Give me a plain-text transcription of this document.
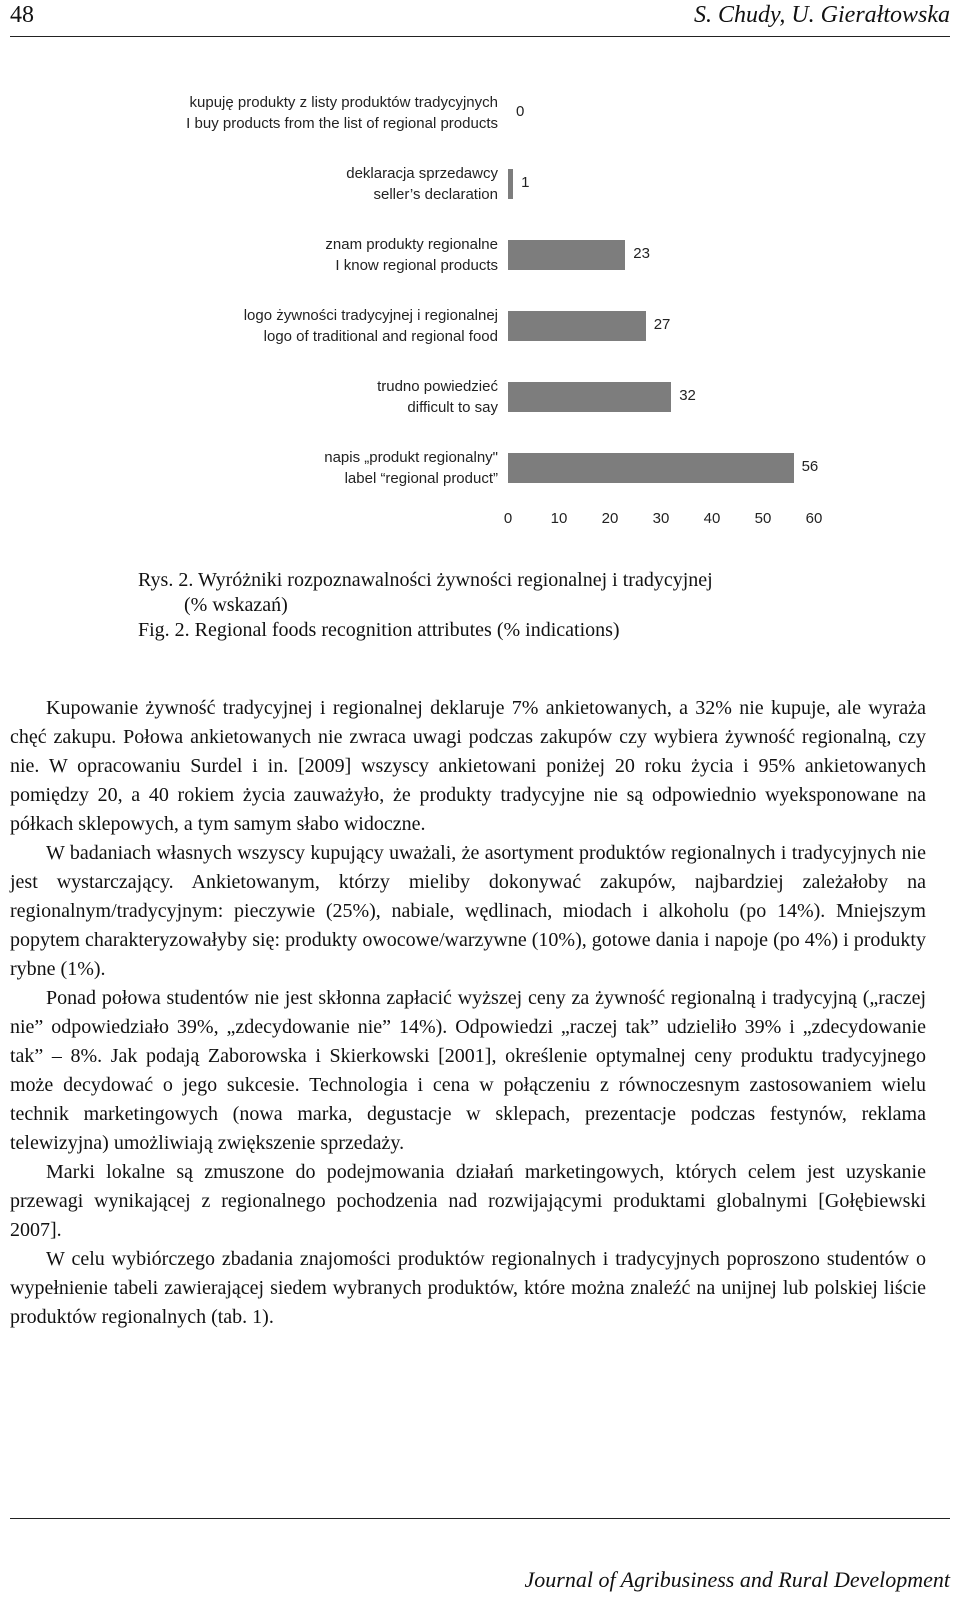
48	S. Chudy, U. Gierałtowska
kupuję produkty z listy produktów tradycyjnych
I buy products from the list of regional products
0
deklaracja sprzedawcy
seller’s declaration
1
znam produkty regionalne
I know regional products
23
logo żywności tradycyjnej i regionalnej
logo of traditional and regional food
27
trudno powiedzieć
difficult to say
32
napis „produkt regionalny"
label “regional product”
56
0	10 20 30 40 50 60
Rys. 2. Wyróżniki rozpoznawalności żywności regionalnej i tradycyjnej
(% wskazań)
Fig. 2. Regional foods recognition attributes (% indications)

Kupowanie żywność tradycyjnej i regionalnej deklaruje 7% ankietowanych, a 32% nie kupuje, ale wyraża chęć zakupu. Połowa ankietowanych nie zwraca uwagi podczas zakupów czy wybiera żywność regionalną, czy nie. W opracowaniu Surdel i in. [2009] wszyscy ankietowani poniżej 20 roku życia i 95% ankietowanych pomiędzy 20, a 40 rokiem życia zauważyło, że produkty tradycyjne nie są odpowiednio wyeksponowane na półkach sklepowych, a tym samym słabo widoczne.

W badaniach własnych wszyscy kupujący uważali, że asortyment produktów regionalnych i tradycyjnych nie jest wystarczający. Ankietowanym, którzy mieliby dokonywać zakupów, najbardziej zależałoby na regionalnym/tradycyjnym: pieczywie (25%), nabiale, wędlinach, miodach i alkoholu (po 14%). Mniejszym popytem charakteryzowałyby się: produkty owocowe/warzywne (10%), gotowe dania i napoje (po 4%) i produkty rybne (1%).

Ponad połowa studentów nie jest skłonna zapłacić wyższej ceny za żywność regionalną i tradycyjną („raczej nie” odpowiedziało 39%, „zdecydowanie nie” 14%). Odpowiedzi „raczej tak” udzieliło 39% i „zdecydowanie tak” – 8%. Jak podają Zaborowska i Skierkowski [2001], określenie optymalnej ceny produktu tradycyjnego może decydować o jego sukcesie. Technologia i cena w połączeniu z równoczesnym zastosowaniem wielu technik marketingowych (nowa marka, degustacje w sklepach, prezentacje podczas festynów, reklama telewizyjna) umożliwiają zwiększenie sprzedaży.

Marki lokalne są zmuszone do podejmowania działań marketingowych, których celem jest uzyskanie przewagi wynikającej z regionalnego pochodzenia nad rozwijającymi produktami globalnymi [Gołębiewski 2007].

W celu wybiórczego zbadania znajomości produktów regionalnych i tradycyjnych poproszono studentów o wypełnienie tabeli zawierającej siedem wybranych produktów, które można znaleźć na unijnej lub polskiej liście produktów regionalnych (tab. 1).

Journal of Agribusiness and Rural Development
